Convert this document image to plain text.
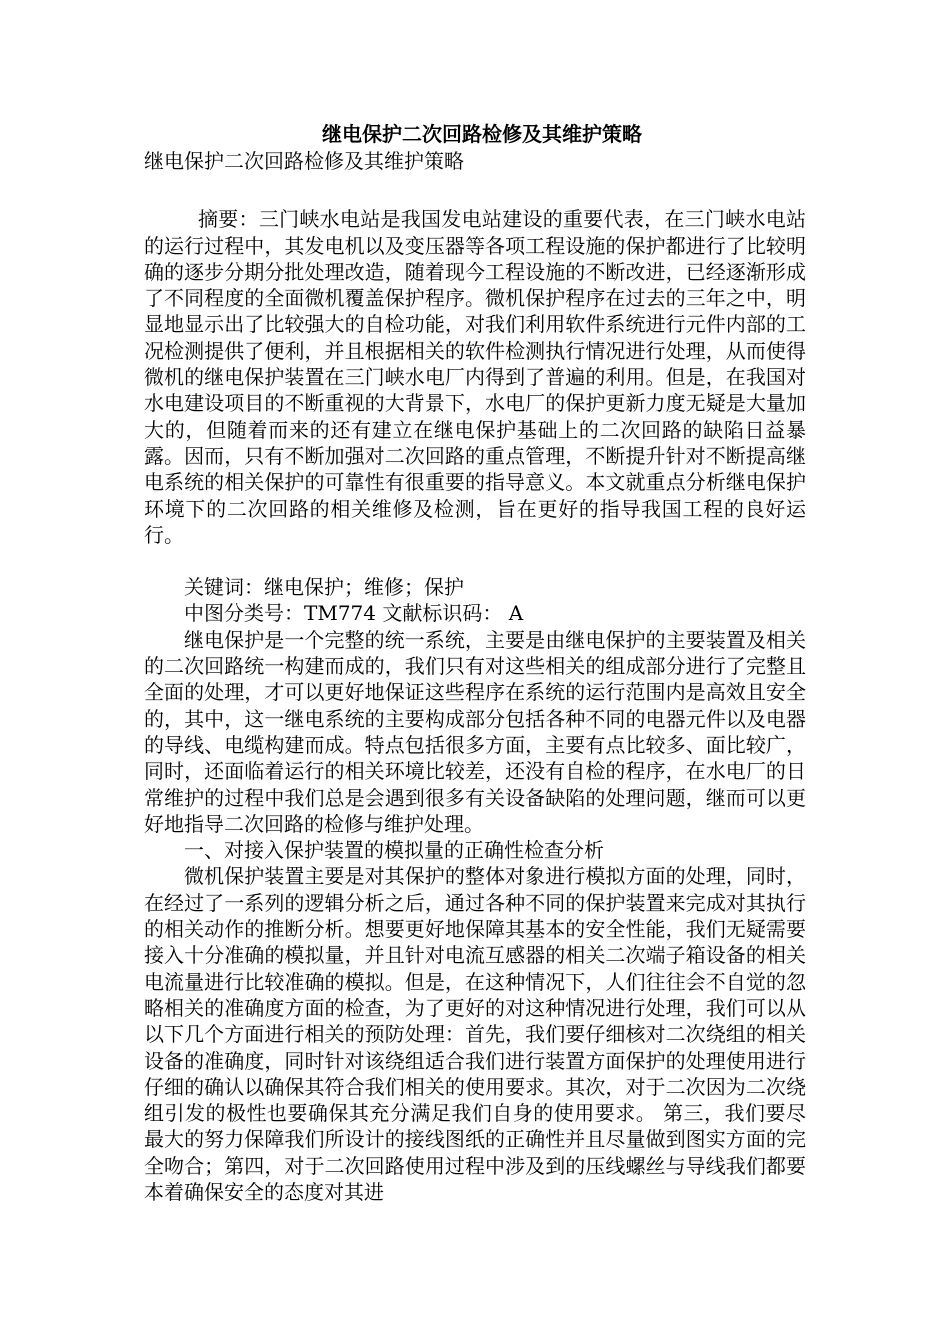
继电保护二次回路检修及其维护策略
继电保护二次回路检修及其维护策略

摘要：三门峡水电站是我国发电站建设的重要代表，在三门峡水电站的运行过程中，其发电机以及变压器等各项工程设施的保护都进行了比较明确的逐步分期分批处理改造，随着现今工程设施的不断改进，已经逐渐形成了不同程度的全面微机覆盖保护程序。微机保护程序在过去的三年之中，明显地显示出了比较强大的自检功能，对我们利用软件系统进行元件内部的工况检测提供了便利，并且根据相关的软件检测执行情况进行处理，从而使得微机的继电保护装置在三门峡水电厂内得到了普遍的利用。但是，在我国对水电建设项目的不断重视的大背景下，水电厂的保护更新力度无疑是大量加大的，但随着而来的还有建立在继电保护基础上的二次回路的缺陷日益暴露。因而，只有不断加强对二次回路的重点管理，不断提升针对不断提高继电系统的相关保护的可靠性有很重要的指导意义。本文就重点分析继电保护环境下的二次回路的相关维修及检测，旨在更好的指导我国工程的良好运行。

关键词：继电保护；维修；保护

中图分类号：TM774 文献标识码： A

继电保护是一个完整的统一系统，主要是由继电保护的主要装置及相关的二次回路统一构建而成的，我们只有对这些相关的组成部分进行了完整且全面的处理，才可以更好地保证这些程序在系统的运行范围内是高效且安全的，其中，这一继电系统的主要构成部分包括各种不同的电器元件以及电器的导线、电缆构建而成。特点包括很多方面，主要有点比较多、面比较广，同时，还面临着运行的相关环境比较差，还没有自检的程序，在水电厂的日常维护的过程中我们总是会遇到很多有关设备缺陷的处理问题，继而可以更好地指导二次回路的检修与维护处理。

一、对接入保护装置的模拟量的正确性检查分析

微机保护装置主要是对其保护的整体对象进行模拟方面的处理，同时，在经过了一系列的逻辑分析之后，通过各种不同的保护装置来完成对其执行的相关动作的推断分析。想要更好地保障其基本的安全性能，我们无疑需要接入十分准确的模拟量，并且针对电流互感器的相关二次端子箱设备的相关电流量进行比较准确的模拟。但是，在这种情况下，人们往往会不自觉的忽略相关的准确度方面的检查，为了更好的对这种情况进行处理，我们可以从以下几个方面进行相关的预防处理：首先，我们要仔细核对二次绕组的相关设备的准确度，同时针对该绕组适合我们进行装置方面保护的处理使用进行仔细的确认以确保其符合我们相关的使用要求。其次，对于二次因为二次绕组引发的极性也要确保其充分满足我们自身的使用要求。 第三，我们要尽最大的努力保障我们所设计的接线图纸的正确性并且尽量做到图实方面的完全吻合；第四，对于二次回路使用过程中涉及到的压线螺丝与导线我们都要本着确保安全的态度对其进
